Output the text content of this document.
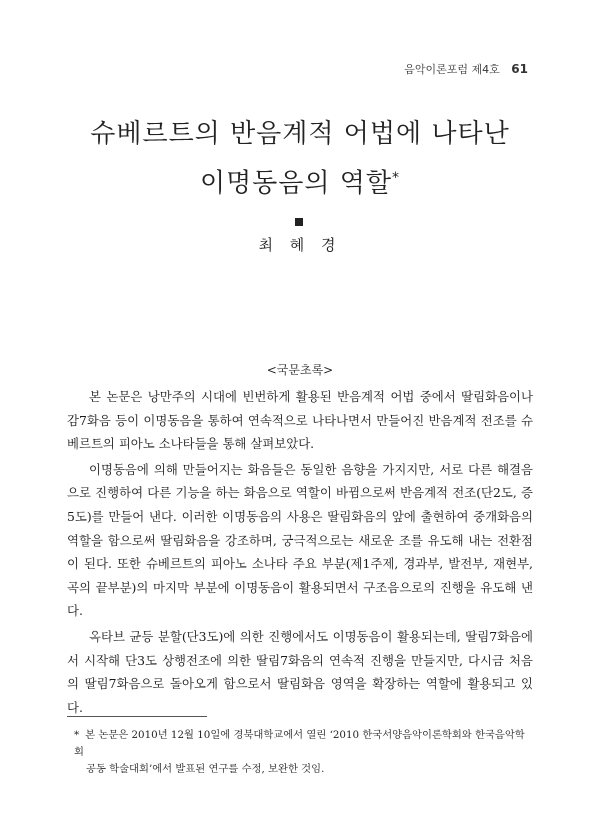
음악이론포럼 제4호 61
슈베르트의 반음계적 어법에 나타난
이명동음의 역할*
최 혜 경
<국문초록>

본 논문은 낭만주의 시대에 빈번하게 활용된 반음계적 어법 중에서 딸림화음이나 감7화음 등이 이명동음을 통하여 연속적으로 나타나면서 만들어진 반음계적 전조를 슈베르트의 피아노 소나타들을 통해 살펴보았다.

이명동음에 의해 만들어지는 화음들은 동일한 음향을 가지지만, 서로 다른 해결음으로 진행하여 다른 기능을 하는 화음으로 역할이 바뀜으로써 반음계적 전조(단2도, 증5도)를 만들어 낸다. 이러한 이명동음의 사용은 딸림화음의 앞에 출현하여 중개화음의 역할을 함으로써 딸림화음을 강조하며, 궁극적으로는 새로운 조를 유도해 내는 전환점이 된다. 또한 슈베르트의 피아노 소나타 주요 부분(제1주제, 경과부, 발전부, 재현부, 곡의 끝부분)의 마지막 부분에 이명동음이 활용되면서 구조음으로의 진행을 유도해 낸다.

옥타브 균등 분할(단3도)에 의한 진행에서도 이명동음이 활용되는데, 딸림7화음에서 시작해 단3도 상행전조에 의한 딸림7화음의 연속적 진행을 만들지만, 다시금 처음의 딸림7화음으로 돌아오게 함으로서 딸림화음 영역을 확장하는 역할에 활용되고 있다.

* 본 논문은 2010년 12월 10일에 경북대학교에서 열린 ‘2010 한국서양음악이론학회와 한국음악학회
공동 학술대회’에서 발표된 연구를 수정, 보완한 것임.
